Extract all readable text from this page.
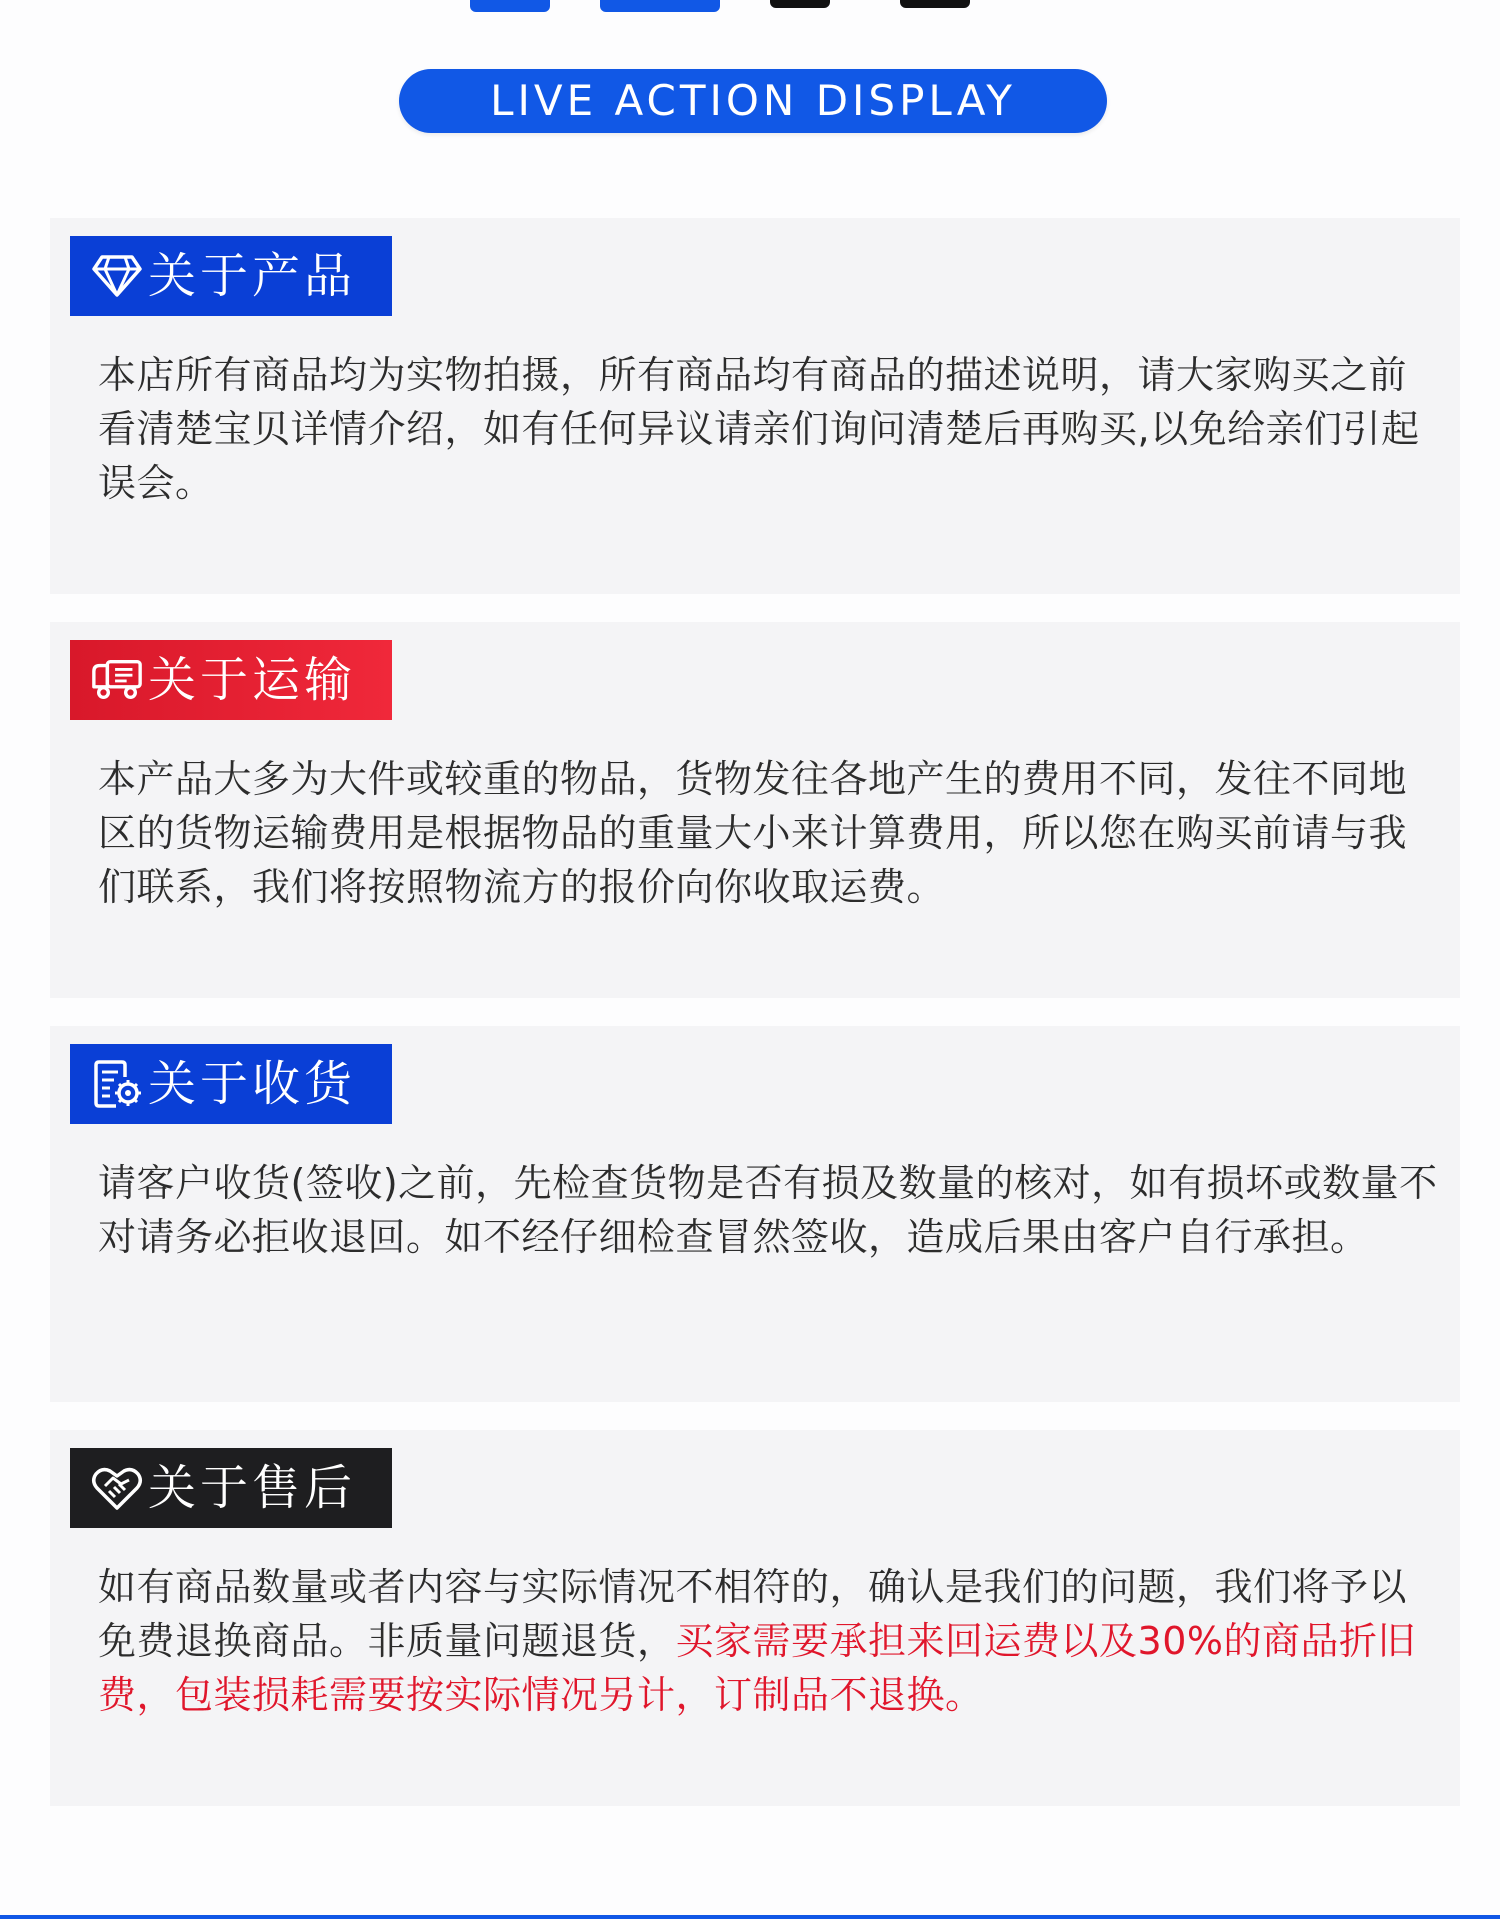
LIVE ACTION DISPLAY
关于产品
本店所有商品均为实物拍摄，所有商品均有商品的描述说明，请大家购买之前看清楚宝贝详情介绍，如有任何异议请亲们询问清楚后再购买,以免给亲们引起误会。
关于运输
本产品大多为大件或较重的物品，货物发往各地产生的费用不同，发往不同地区的货物运输费用是根据物品的重量大小来计算费用，所以您在购买前请与我们联系，我们将按照物流方的报价向你收取运费。
关于收货
请客户收货(签收)之前，先检查货物是否有损及数量的核对，如有损坏或数量不对请务必拒收退回。如不经仔细检查冒然签收，造成后果由客户自行承担。
关于售后
如有商品数量或者内容与实际情况不相符的，确认是我们的问题，我们将予以免费退换商品。非质量问题退货，买家需要承担来回运费以及30%的商品折旧费，包装损耗需要按实际情况另计，订制品不退换。
